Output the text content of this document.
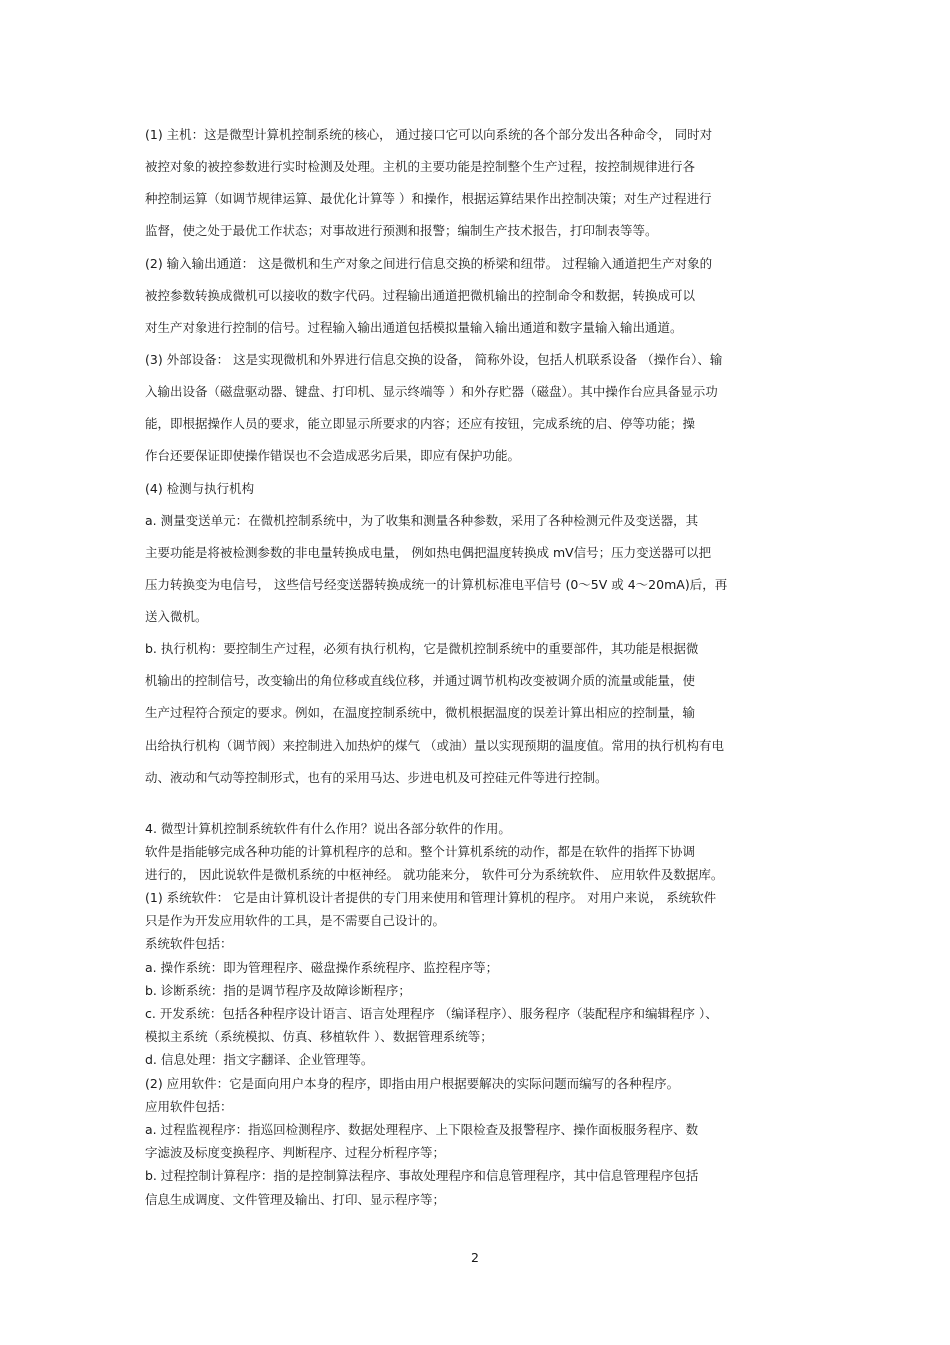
(1) 主机：这是微型计算机控制系统的核心， 通过接口它可以向系统的各个部分发出各种命令， 同时对
被控对象的被控参数进行实时检测及处理。主机的主要功能是控制整个生产过程，按控制规律进行各
种控制运算（如调节规律运算、最优化计算等 ）和操作，根据运算结果作出控制决策；对生产过程进行
监督，使之处于最优工作状态；对事故进行预测和报警；编制生产技术报告，打印制表等等。
(2) 输入输出通道： 这是微机和生产对象之间进行信息交换的桥梁和纽带。 过程输入通道把生产对象的
被控参数转换成微机可以接收的数字代码。过程输出通道把微机输出的控制命令和数据，转换成可以
对生产对象进行控制的信号。过程输入输出通道包括模拟量输入输出通道和数字量输入输出通道。
(3) 外部设备： 这是实现微机和外界进行信息交换的设备， 简称外设，包括人机联系设备 （操作台）、输
入输出设备（磁盘驱动器、键盘、打印机、显示终端等 ）和外存贮器（磁盘）。其中操作台应具备显示功
能，即根据操作人员的要求，能立即显示所要求的内容；还应有按钮，完成系统的启、停等功能；操
作台还要保证即使操作错误也不会造成恶劣后果，即应有保护功能。
(4) 检测与执行机构
a. 测量变送单元：在微机控制系统中，为了收集和测量各种参数，采用了各种检测元件及变送器，其
主要功能是将被检测参数的非电量转换成电量， 例如热电偶把温度转换成 mV信号；压力变送器可以把
压力转换变为电信号， 这些信号经变送器转换成统一的计算机标准电平信号 (0～5V 或 4～20mA)后，再
送入微机。
b. 执行机构：要控制生产过程，必须有执行机构，它是微机控制系统中的重要部件，其功能是根据微
机输出的控制信号，改变输出的角位移或直线位移，并通过调节机构改变被调介质的流量或能量，使
生产过程符合预定的要求。例如，在温度控制系统中，微机根据温度的误差计算出相应的控制量，输
出给执行机构（调节阀）来控制进入加热炉的煤气 （或油）量以实现预期的温度值。常用的执行机构有电
动、液动和气动等控制形式，也有的采用马达、步进电机及可控硅元件等进行控制。
4. 微型计算机控制系统软件有什么作用？说出各部分软件的作用。
软件是指能够完成各种功能的计算机程序的总和。整个计算机系统的动作，都是在软件的指挥下协调
进行的， 因此说软件是微机系统的中枢神经。 就功能来分， 软件可分为系统软件、 应用软件及数据库。
(1) 系统软件： 它是由计算机设计者提供的专门用来使用和管理计算机的程序。 对用户来说， 系统软件
只是作为开发应用软件的工具，是不需要自己设计的。
系统软件包括：
a. 操作系统：即为管理程序、磁盘操作系统程序、监控程序等；
b. 诊断系统：指的是调节程序及故障诊断程序；
c. 开发系统：包括各种程序设计语言、语言处理程序 （编译程序）、服务程序（装配程序和编辑程序 ）、
模拟主系统（系统模拟、仿真、移植软件 ）、数据管理系统等；
d. 信息处理：指文字翻译、企业管理等。
(2) 应用软件：它是面向用户本身的程序，即指由用户根据要解决的实际问题而编写的各种程序。
应用软件包括：
a. 过程监视程序：指巡回检测程序、数据处理程序、上下限检查及报警程序、操作面板服务程序、数
字滤波及标度变换程序、判断程序、过程分析程序等；
b. 过程控制计算程序：指的是控制算法程序、事故处理程序和信息管理程序，其中信息管理程序包括
信息生成调度、文件管理及输出、打印、显示程序等；
2
